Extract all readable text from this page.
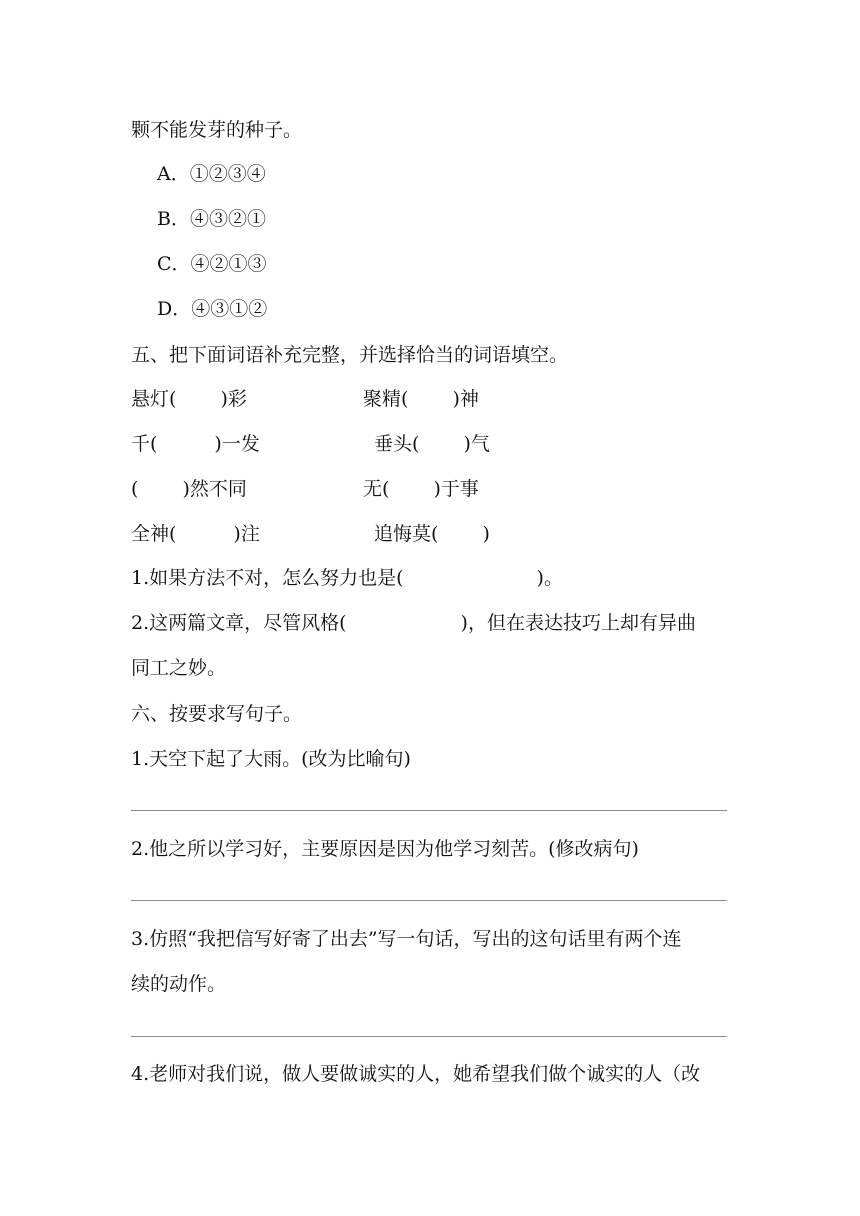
颗不能发芽的种子。
A．①②③④
B．④③②①
C．④②①③
D．④③①②
五、把下面词语补充完整，并选择恰当的词语填空。
悬灯(　　 )彩	聚精(　　 )神
千(　　　)一发	垂头(　　 )气
(　　 )然不同	无(　　 )于事
全神(　　　)注	追悔莫(　　 )
1.如果方法不对，怎么努力也是(　　　　　　　)。
2.这两篇文章，尽管风格(　　　　　　)，但在表达技巧上却有异曲
同工之妙。
六、按要求写句子。
1.天空下起了大雨。(改为比喻句)
2.他之所以学习好，主要原因是因为他学习刻苦。(修改病句)
3.仿照“我把信写好寄了出去”写一句话，写出的这句话里有两个连
续的动作。
4.老师对我们说，做人要做诚实的人，她希望我们做个诚实的人（改
